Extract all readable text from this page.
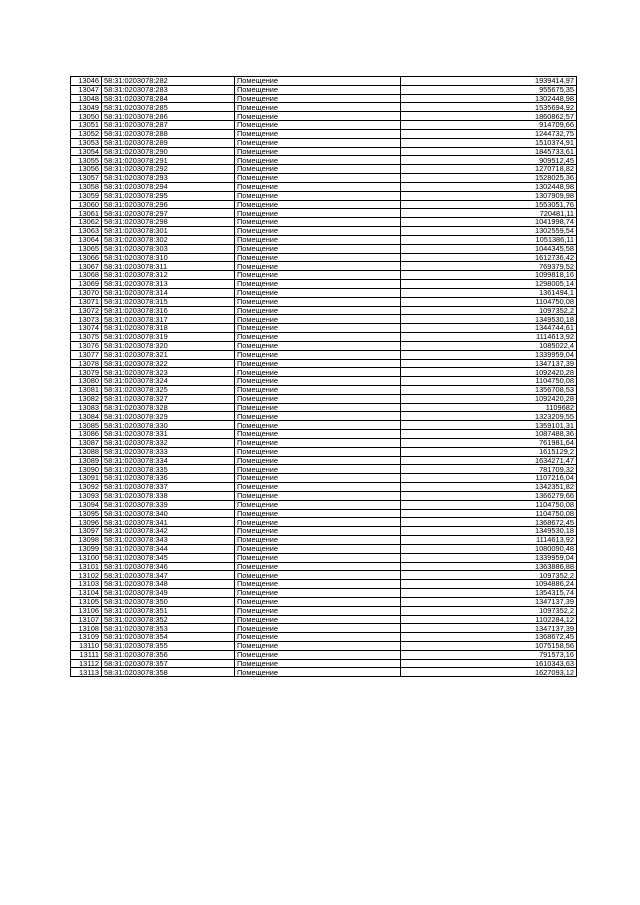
13046	58:31:0203078:282	Помещение	1939414,97
13047	58:31:0203078:283	Помещение	955675,35
13048	58:31:0203078:284	Помещение	1302448,98
13049	58:31:0203078:285	Помещение	1535694,92
13050	58:31:0203078:286	Помещение	1860862,57
13051	58:31:0203078:287	Помещение	914709,66
13052	58:31:0203078:288	Помещение	1244732,75
13053	58:31:0203078:289	Помещение	1510374,91
13054	58:31:0203078:290	Помещение	1845733,61
13055	58:31:0203078:291	Помещение	909512,45
13056	58:31:0203078:292	Помещение	1270718,82
13057	58:31:0203078:293	Помещение	1528025,36
13058	58:31:0203078:294	Помещение	1302448,98
13059	58:31:0203078:295	Помещение	1307909,98
13060	58:31:0203078:296	Помещение	1553051,76
13061	58:31:0203078:297	Помещение	720481,11
13062	58:31:0203078:298	Помещение	1041998,74
13063	58:31:0203078:301	Помещение	1302559,54
13064	58:31:0203078:302	Помещение	1051386,11
13065	58:31:0203078:303	Помещение	1044345,58
13066	58:31:0203078:310	Помещение	1612736,42
13067	58:31:0203078:311	Помещение	769379,52
13068	58:31:0203078:312	Помещение	1099818,16
13069	58:31:0203078:313	Помещение	1298005,14
13070	58:31:0203078:314	Помещение	1361494,1
13071	58:31:0203078:315	Помещение	1104750,08
13072	58:31:0203078:316	Помещение	1097352,2
13073	58:31:0203078:317	Помещение	1349530,18
13074	58:31:0203078:318	Помещение	1344744,61
13075	58:31:0203078:319	Помещение	1114613,92
13076	58:31:0203078:320	Помещение	1085022,4
13077	58:31:0203078:321	Помещение	1339959,04
13078	58:31:0203078:322	Помещение	1347137,39
13079	58:31:0203078:323	Помещение	1092420,28
13080	58:31:0203078:324	Помещение	1104750,08
13081	58:31:0203078:325	Помещение	1356708,53
13082	58:31:0203078:327	Помещение	1092420,28
13083	58:31:0203078:328	Помещение	1109682
13084	58:31:0203078:329	Помещение	1323209,55
13085	58:31:0203078:330	Помещение	1359101,31
13086	58:31:0203078:331	Помещение	1087488,36
13087	58:31:0203078:332	Помещение	761981,64
13088	58:31:0203078:333	Помещение	1615129,2
13089	58:31:0203078:334	Помещение	1634271,47
13090	58:31:0203078:335	Помещение	781709,32
13091	58:31:0203078:336	Помещение	1107216,04
13092	58:31:0203078:337	Помещение	1342351,82
13093	58:31:0203078:338	Помещение	1366279,66
13094	58:31:0203078:339	Помещение	1104750,08
13095	58:31:0203078:340	Помещение	1104750,08
13096	58:31:0203078:341	Помещение	1368672,45
13097	58:31:0203078:342	Помещение	1349530,18
13098	58:31:0203078:343	Помещение	1114613,92
13099	58:31:0203078:344	Помещение	1080090,48
13100	58:31:0203078:345	Помещение	1339959,04
13101	58:31:0203078:346	Помещение	1363886,88
13102	58:31:0203078:347	Помещение	1097352,2
13103	58:31:0203078:348	Помещение	1094886,24
13104	58:31:0203078:349	Помещение	1354315,74
13105	58:31:0203078:350	Помещение	1347137,39
13106	58:31:0203078:351	Помещение	1097352,2
13107	58:31:0203078:352	Помещение	1102284,12
13108	58:31:0203078:353	Помещение	1347137,39
13109	58:31:0203078:354	Помещение	1368672,45
13110	58:31:0203078:355	Помещение	1075158,56
13111	58:31:0203078:356	Помещение	791573,16
13112	58:31:0203078:357	Помещение	1610343,63
13113	58:31:0203078:358	Помещение	1627093,12
